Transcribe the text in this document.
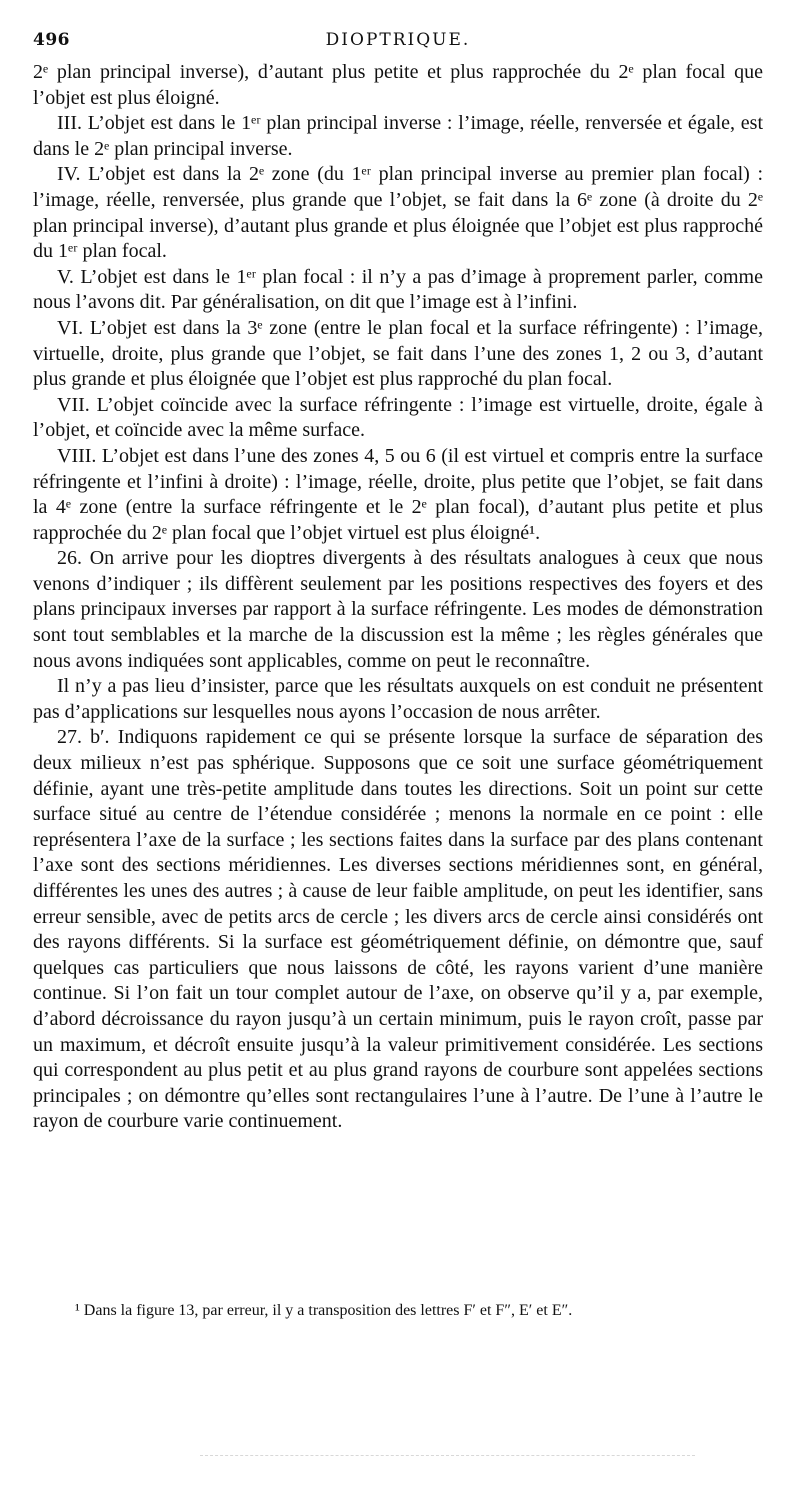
496	DIOPTRIQUE.

2ᵉ plan principal inverse), d’autant plus petite et plus rapprochée du 2ᵉ plan focal que l’objet est plus éloigné.

III. L’objet est dans le 1ᵉʳ plan principal inverse : l’image, réelle, renversée et égale, est dans le 2ᵉ plan principal inverse.

IV. L’objet est dans la 2ᵉ zone (du 1ᵉʳ plan principal inverse au premier plan focal) : l’image, réelle, renversée, plus grande que l’objet, se fait dans la 6ᵉ zone (à droite du 2ᵉ plan principal inverse), d’autant plus grande et plus éloignée que l’objet est plus rapproché du 1ᵉʳ plan focal.

V. L’objet est dans le 1ᵉʳ plan focal : il n’y a pas d’image à proprement parler, comme nous l’avons dit. Par généralisation, on dit que l’image est à l’infini.

VI. L’objet est dans la 3ᵉ zone (entre le plan focal et la surface réfringente) : l’image, virtuelle, droite, plus grande que l’objet, se fait dans l’une des zones 1, 2 ou 3, d’autant plus grande et plus éloignée que l’objet est plus rapproché du plan focal.

VII. L’objet coïncide avec la surface réfringente : l’image est virtuelle, droite, égale à l’objet, et coïncide avec la même surface.

VIII. L’objet est dans l’une des zones 4, 5 ou 6 (il est virtuel et compris entre la surface réfringente et l’infini à droite) : l’image, réelle, droite, plus petite que l’objet, se fait dans la 4ᵉ zone (entre la surface réfringente et le 2ᵉ plan focal), d’autant plus petite et plus rapprochée du 2ᵉ plan focal que l’objet virtuel est plus éloigné¹.

26. On arrive pour les dioptres divergents à des résultats analogues à ceux que nous venons d’indiquer ; ils diffèrent seulement par les positions respectives des foyers et des plans principaux inverses par rapport à la surface réfringente. Les modes de démonstration sont tout semblables et la marche de la discussion est la même ; les règles générales que nous avons indiquées sont applicables, comme on peut le reconnaître.

Il n’y a pas lieu d’insister, parce que les résultats auxquels on est conduit ne présentent pas d’applications sur lesquelles nous ayons l’occasion de nous arrêter.

27. b′. Indiquons rapidement ce qui se présente lorsque la surface de séparation des deux milieux n’est pas sphérique. Supposons que ce soit une surface géométriquement définie, ayant une très-petite amplitude dans toutes les directions. Soit un point sur cette surface situé au centre de l’étendue considérée ; menons la normale en ce point : elle représentera l’axe de la surface ; les sections faites dans la surface par des plans contenant l’axe sont des sections méridiennes. Les diverses sections méridiennes sont, en général, différentes les unes des autres ; à cause de leur faible amplitude, on peut les identifier, sans erreur sensible, avec de petits arcs de cercle ; les divers arcs de cercle ainsi considérés ont des rayons différents. Si la surface est géométriquement définie, on démontre que, sauf quelques cas particuliers que nous laissons de côté, les rayons varient d’une manière continue. Si l’on fait un tour complet autour de l’axe, on observe qu’il y a, par exemple, d’abord décroissance du rayon jusqu’à un certain minimum, puis le rayon croît, passe par un maximum, et décroît ensuite jusqu’à la valeur primitivement considérée. Les sections qui correspondent au plus petit et au plus grand rayons de courbure sont appelées sections principales ; on démontre qu’elles sont rectangulaires l’une à l’autre. De l’une à l’autre le rayon de courbure varie continuement.

¹ Dans la figure 13, par erreur, il y a transposition des lettres F′ et F″, E′ et E″.
